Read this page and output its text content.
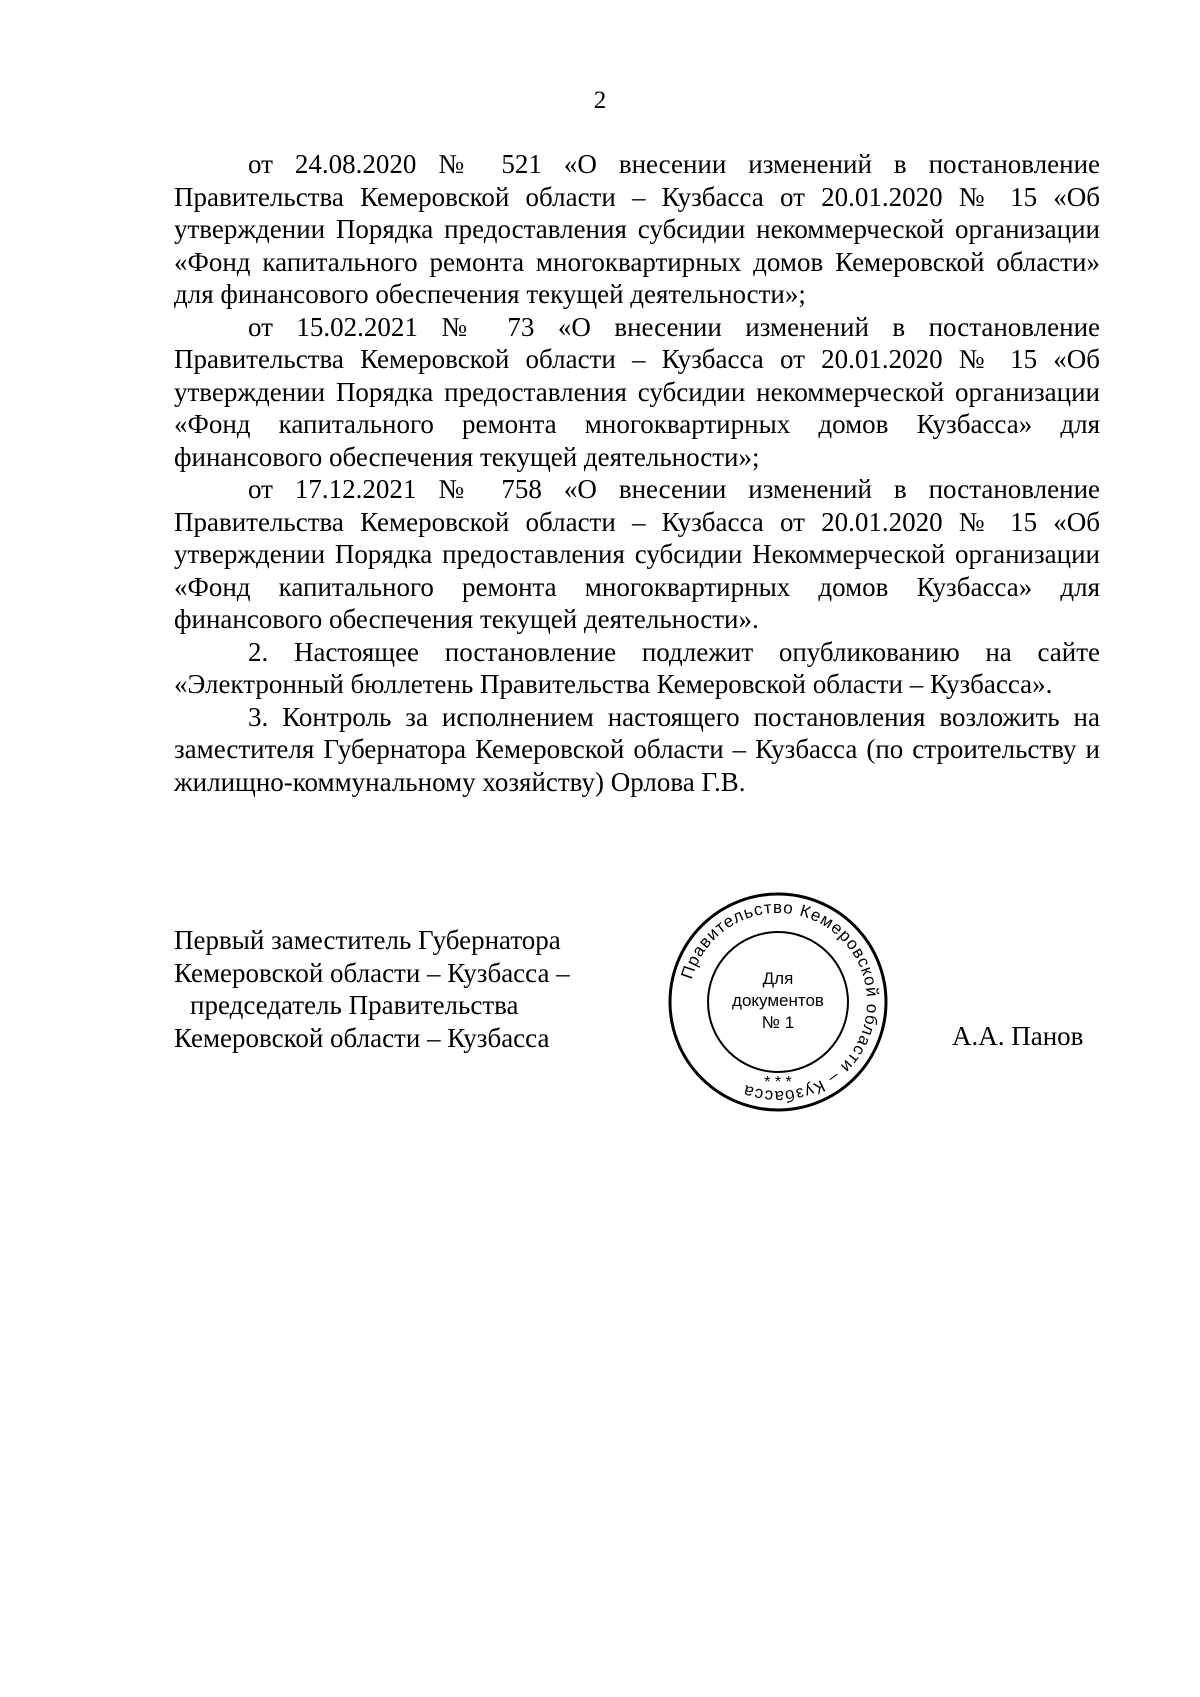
2

от 24.08.2020 № 521 «О внесении изменений в постановление Правительства Кемеровской области – Кузбасса от 20.01.2020 № 15 «Об утверждении Порядка предоставления субсидии некоммерческой организации «Фонд капитального ремонта многоквартирных домов Кемеровской области» для финансового обеспечения текущей деятельности»;

от 15.02.2021 № 73 «О внесении изменений в постановление Правительства Кемеровской области – Кузбасса от 20.01.2020 № 15 «Об утверждении Порядка предоставления субсидии некоммерческой организации «Фонд капитального ремонта многоквартирных домов Кузбасса» для финансового обеспечения текущей деятельности»;

от 17.12.2021 № 758 «О внесении изменений в постановление Правительства Кемеровской области – Кузбасса от 20.01.2020 № 15 «Об утверждении Порядка предоставления субсидии Некоммерческой организации «Фонд капитального ремонта многоквартирных домов Кузбасса» для финансового обеспечения текущей деятельности».

2. Настоящее постановление подлежит опубликованию на сайте «Электронный бюллетень Правительства Кемеровской области – Кузбасса».

3. Контроль за исполнением настоящего постановления возложить на заместителя Губернатора Кемеровской области – Кузбасса (по строительству и жилищно-коммунальному хозяйству) Орлова Г.В.

Первый заместитель Губернатора
Кемеровской области – Кузбасса –
председатель Правительства
Кемеровской области – Кузбасса
Правительство Кемеровской области – Кузбасса
Для
документов
№ 1
* * *
А.А. Панов
